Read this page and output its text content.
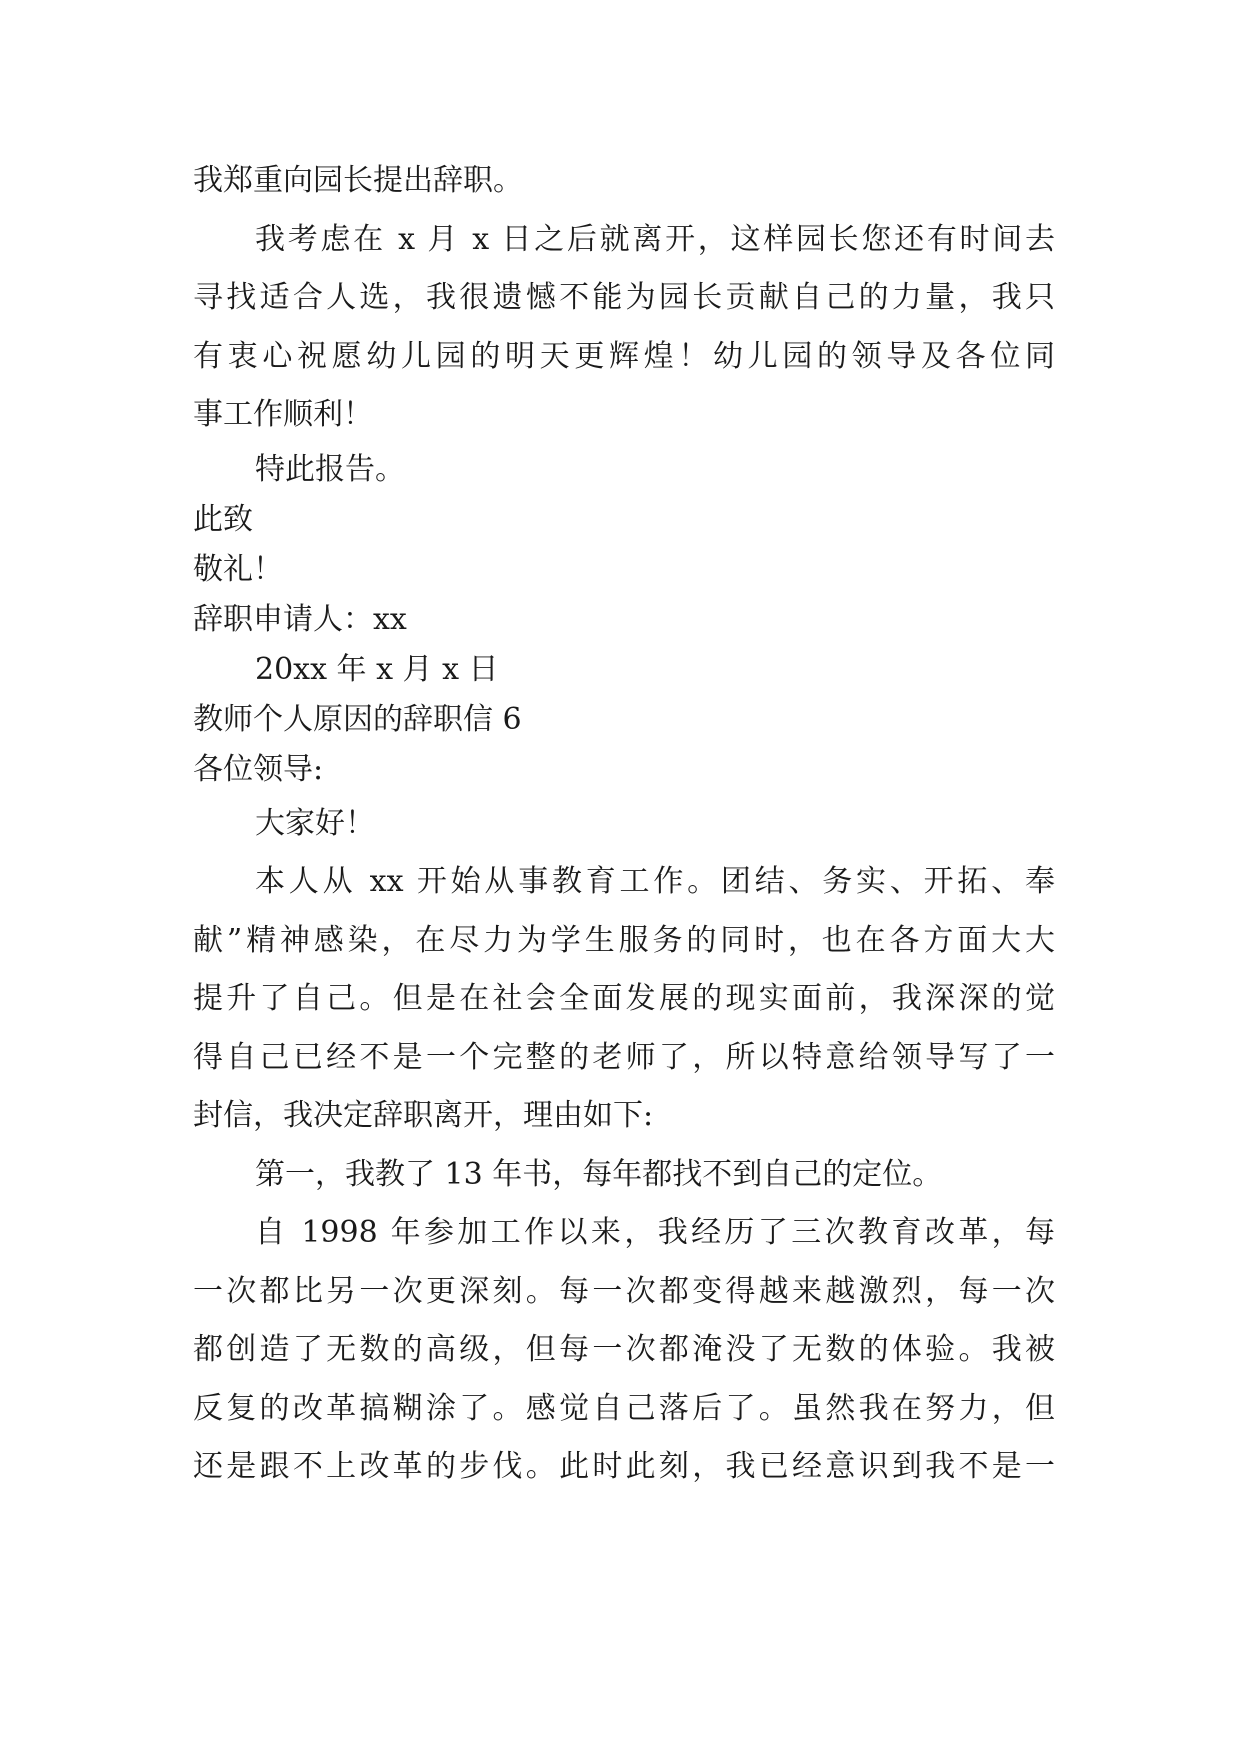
我郑重向园长提出辞职。
我考虑在 x 月 x 日之后就离开，这样园长您还有时间去
寻找适合人选，我很遗憾不能为园长贡献自己的力量，我只
有衷心祝愿幼儿园的明天更辉煌！幼儿园的领导及各位同
事工作顺利！
特此报告。
此致
敬礼！
辞职申请人：xx
20xx 年 x 月 x 日
教师个人原因的辞职信 6
各位领导:
大家好！
本人从 xx 开始从事教育工作。团结、务实、开拓、奉
献”精神感染，在尽力为学生服务的同时，也在各方面大大
提升了自己。但是在社会全面发展的现实面前，我深深的觉
得自己已经不是一个完整的老师了，所以特意给领导写了一
封信，我决定辞职离开，理由如下:
第一，我教了 13 年书，每年都找不到自己的定位。
自 1998 年参加工作以来，我经历了三次教育改革，每
一次都比另一次更深刻。每一次都变得越来越激烈，每一次
都创造了无数的高级，但每一次都淹没了无数的体验。我被
反复的改革搞糊涂了。感觉自己落后了。虽然我在努力，但
还是跟不上改革的步伐。此时此刻，我已经意识到我不是一
